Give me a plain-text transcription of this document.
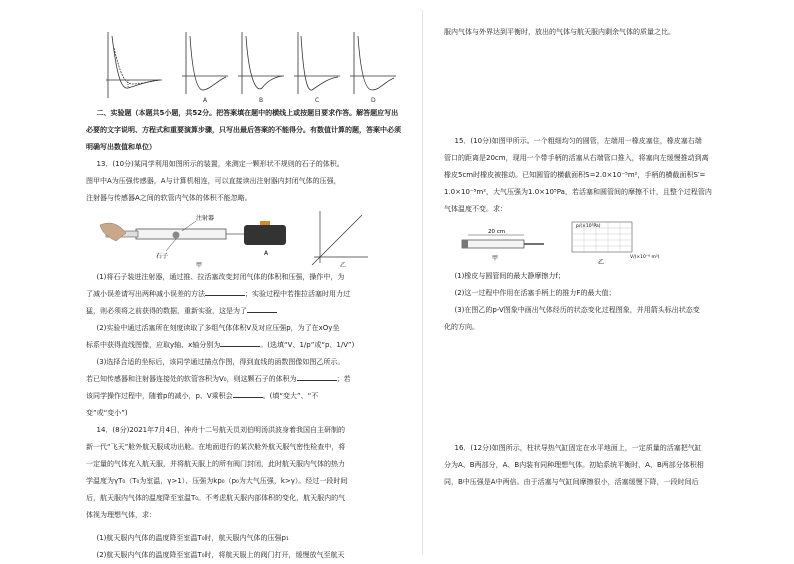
A	B	C	D

二、实验题（本题共5小题，共52分。把答案填在题中的横线上或按题目要求作答。解答题应写出必要的文字说明、方程式和重要演算步骤，只写出最后答案的不能得分。有数值计算的题，答案中必须明确写出数值和单位）

13．(10分)某同学利用如图所示的装置，来测定一颗形状不规则的石子的体积。

图甲中A为压强传感器，A与计算机相连，可以直接读出注射器内封闭气体的压强，

注射器与传感器A之间的软管内气体的体积不能忽略。

注射器
石子	A
甲	乙

(1)将石子装进注射器，通过推、拉活塞改变封闭气体的体积和压强，操作中，为

了减小误差请写出两种减小误差的方法	；实验过程中若推拉活塞时用力过

猛，则必须将之前获得的数据，重新实验，这是为了

(2)实验中通过活塞所在刻度读取了多组气体体积V及对应压强p，为了在xOy坐

标系中获得直线图像，应取y轴、x轴分别为	。(选填“V、1/p”或“p、1/V”)

(3)选择合适的坐标后，该同学通过描点作图，得到直线的函数图像如图乙所示。

若已知传感器和注射器连接处的软管容积为V₀，则这颗石子的体积为	；若

该同学操作过程中，随着p的减小，p、V乘积会	。(填“变大”、“不

变”或“变小”)

14．(8分)2021年7月4日，神舟十二号航天员刘伯明汤洪波身着我国自主研制的

新一代“飞天”舱外航天服成功出舱。在地面进行的某次舱外航天服气密性检查中，将

一定量的气体充入航天服，并将航天服上的所有阀门封闭，此时航天服内气体的热力

学温度为γT₀（T₀为室温，γ>1）、压强为kp₀（p₀为大气压强，k>γ）。经过一段时间

后，航天服内气体的温度降至室温T₀。不考虑航天服内部体积的变化，航天服内的气

体视为理想气体，求：

(1)航天服内气体的温度降至室温T₀时，航天服内气体的压强p₁

(2)航天服内气体的温度降至室温T₀时，将航天服上的阀门打开，缓慢放气至航天

服内气体与外界达到平衡时，放出的气体与航天服内剩余气体的质量之比。

15．(10分)如图甲所示。一个粗细均匀的圆管，左端用一橡皮塞住，橡皮塞右端

管口的距离是20cm，现用一个带手柄的活塞从右端管口推入，将塞向左缓慢推动到离

橡皮5cm时橡皮被推动。已知圆管的横截面积S=2.0×10⁻⁵m²，手柄的横截面积S′=

1.0×10⁻⁵m²，大气压强为1.0×10⁵Pa，若活塞和圆管间的摩擦不计，且整个过程管内

气体温度不变。求：

20 cm
甲
p/(×10⁵Pa)
V/(×10⁻⁶ m³)
乙

(1)橡皮与圆管间的最大静摩擦力f；

(2)这一过程中作用在活塞手柄上的推力F的最大值；

(3)在图乙的p-V图象中画出气体经历的状态变化过程图象，并用箭头标出状态变

化的方向。

16．(12分)如图所示，柱状导热气缸固定在水平地面上，一定质量的活塞把气缸

分为A、B两部分，A、B内装有同种理想气体。初始系统平衡时，A、B两部分体积相

同，B中压强是A中两倍。由于活塞与气缸间摩擦很小，活塞缓慢下降，一段时间后
